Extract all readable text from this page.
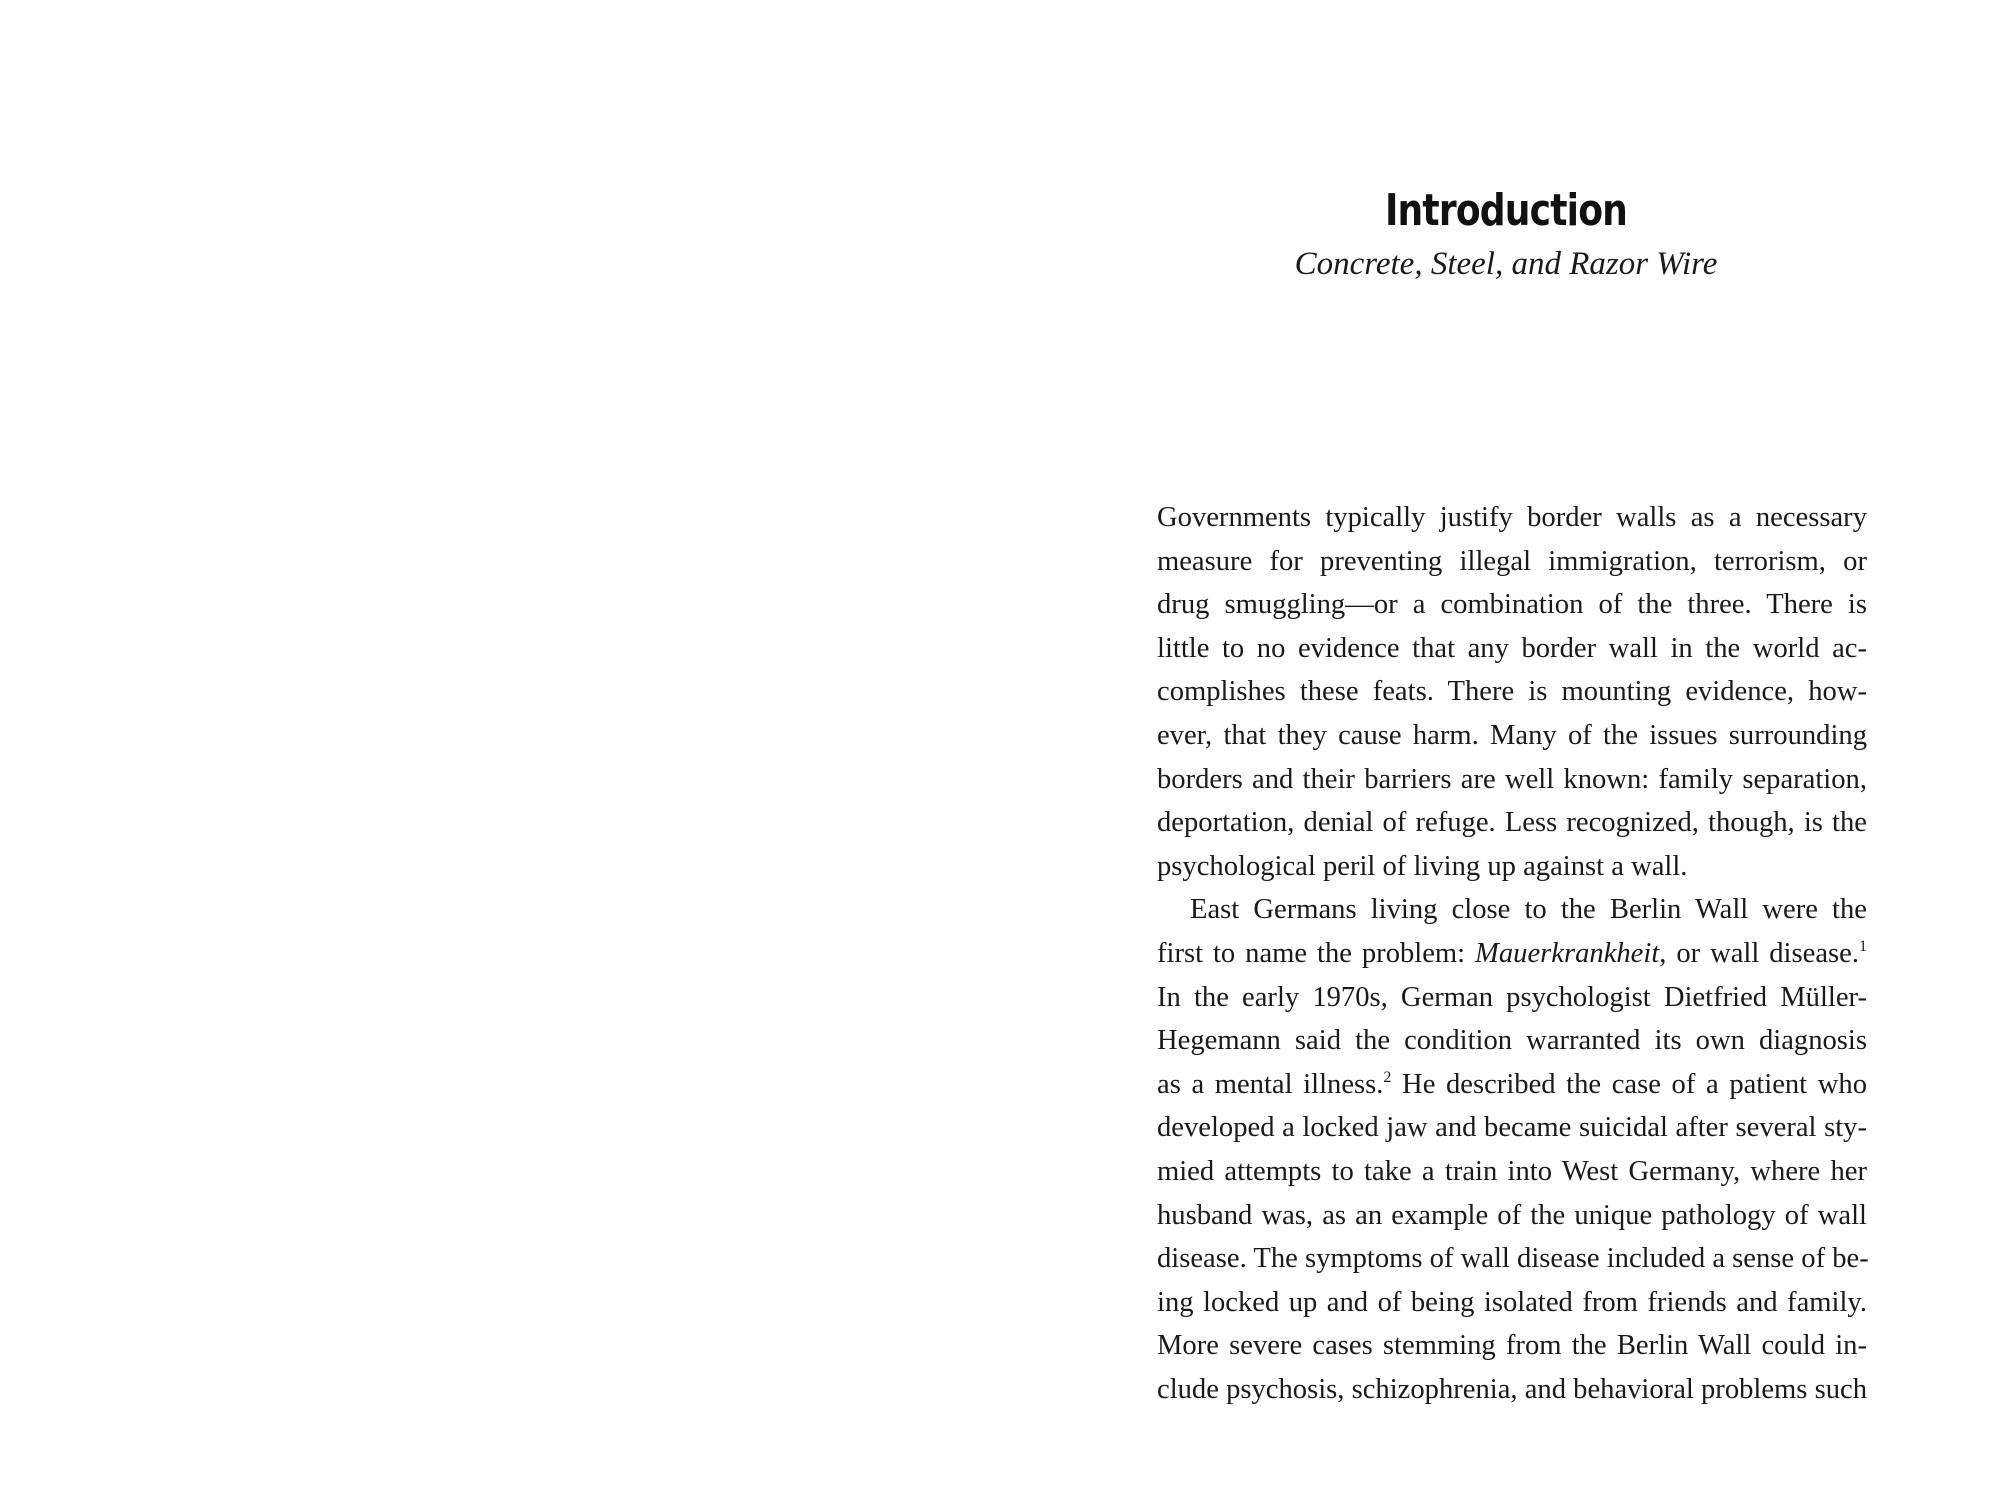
Introduction
Concrete, Steel, and Razor Wire
Governments typically justify border walls as a necessary
measure for preventing illegal immigration, terrorism, or
drug smuggling—or a combination of the three. There is
little to no evidence that any border wall in the world ac-
complishes these feats. There is mounting evidence, how-
ever, that they cause harm. Many of the issues surrounding
borders and their barriers are well known: family separation,
deportation, denial of refuge. Less recognized, though, is the
psychological peril of living up against a wall.
East Germans living close to the Berlin Wall were the
first to name the problem: Mauerkrankheit, or wall disease.$^1$
In the early 1970s, German psychologist Dietfried Müller-
Hegemann said the condition warranted its own diagnosis
as a mental illness.$^2$ He described the case of a patient who
developed a locked jaw and became suicidal after several sty-
mied attempts to take a train into West Germany, where her
husband was, as an example of the unique pathology of wall
disease. The symptoms of wall disease included a sense of be-
ing locked up and of being isolated from friends and family.
More severe cases stemming from the Berlin Wall could in-
clude psychosis, schizophrenia, and behavioral problems such
